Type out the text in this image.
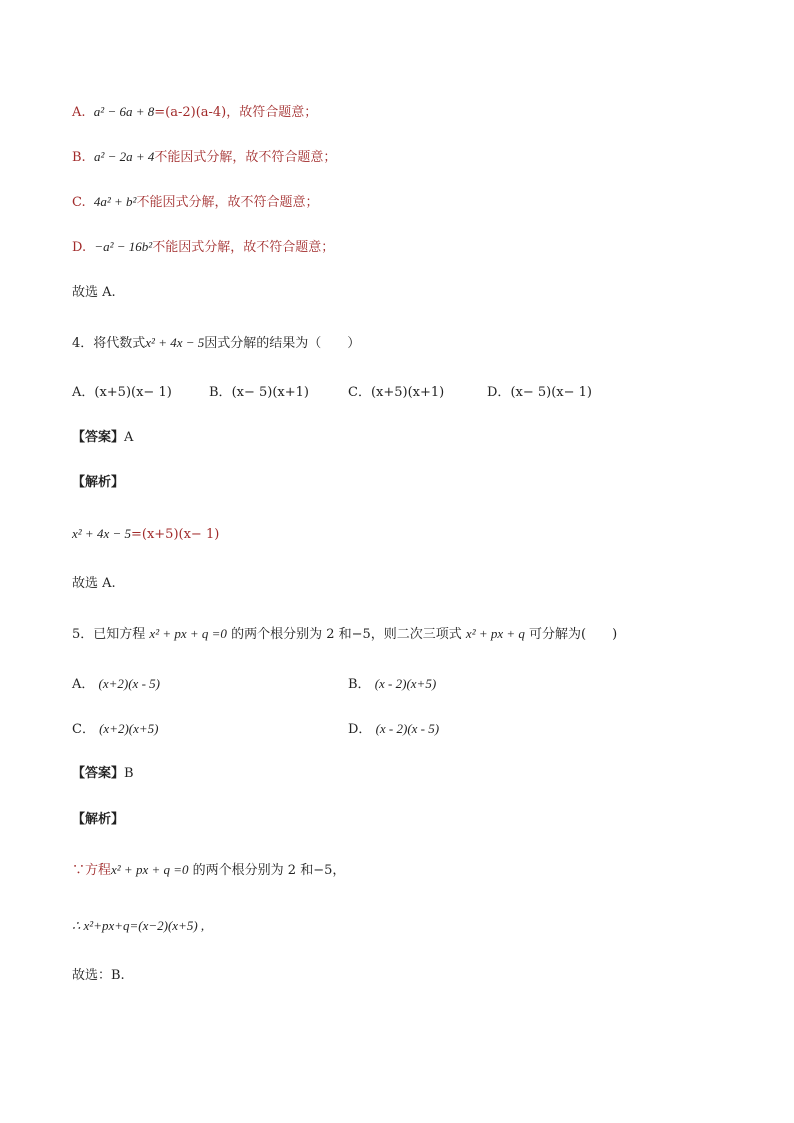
A. a² − 6a + 8=(a-2)(a-4)，故符合题意；
B. a² − 2a + 4不能因式分解，故不符合题意；
C. 4a² + b²不能因式分解，故不符合题意；
D. −a² − 16b²不能因式分解，故不符合题意；
故选 A.
4．将代数式x² + 4x − 5因式分解的结果为（　　）
A．(x+5)(x− 1)	B．(x− 5)(x+1)	C．(x+5)(x+1)	D．(x− 5)(x− 1)
【答案】A
【解析】
x² + 4x − 5=(x+5)(x− 1)
故选 A.
5．已知方程 x² + px + q =0 的两个根分别为 2 和−5，则二次三项式 x² + px + q 可分解为(　　)
A． (x+2)(x - 5)	B． (x - 2)(x+5)
C． (x+2)(x+5)	D． (x - 2)(x - 5)
【答案】B
【解析】
∵方程x² + px + q =0 的两个根分别为 2 和−5，
∴ x²+px+q=(x−2)(x+5) ,
故选：B.
